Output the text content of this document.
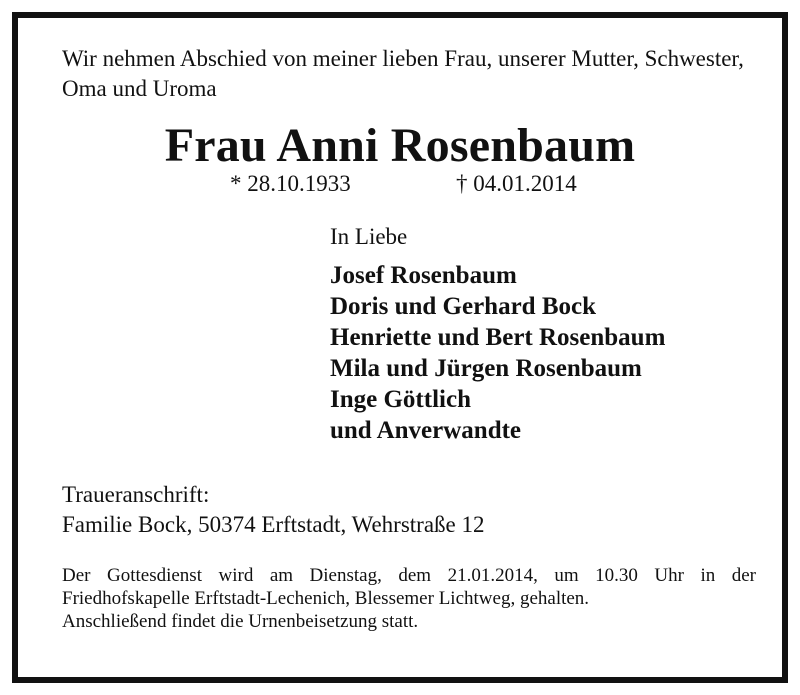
Wir nehmen Abschied von meiner lieben Frau, unserer Mutter, Schwester, Oma und Uroma

Frau Anni Rosenbaum
* 28.10.1933	† 04.01.2014
In Liebe
Josef Rosenbaum
Doris und Gerhard Bock
Henriette und Bert Rosenbaum
Mila und Jürgen Rosenbaum
Inge Göttlich
und Anverwandte
Traueranschrift:
Familie Bock, 50374 Erftstadt, Wehrstraße 12

Der Gottesdienst wird am Dienstag, dem 21.01.2014, um 10.30 Uhr in der Friedhofskapelle Erftstadt-Lechenich, Blessemer Lichtweg, gehalten.

Anschließend findet die Urnenbeisetzung statt.
